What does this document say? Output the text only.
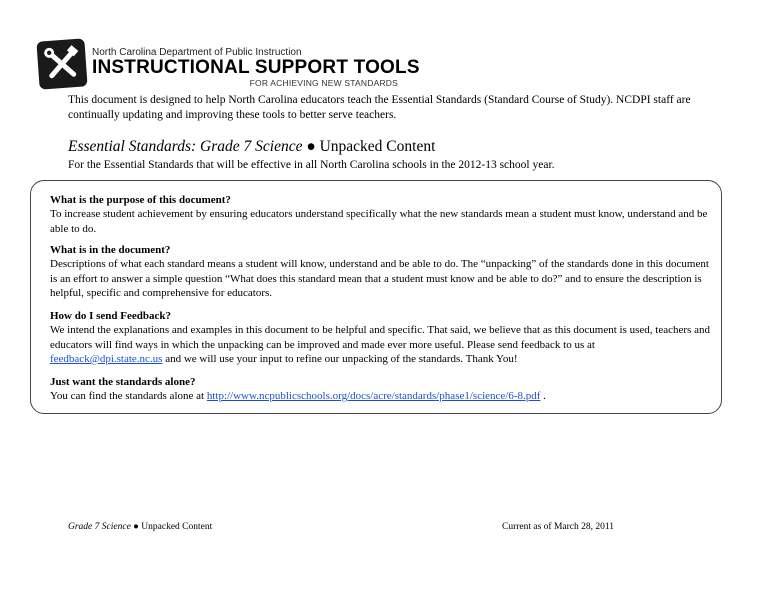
North Carolina Department of Public Instruction
INSTRUCTIONAL SUPPORT TOOLS
FOR ACHIEVING NEW STANDARDS
This document is designed to help North Carolina educators teach the Essential Standards (Standard Course of Study). NCDPI staff are continually updating and improving these tools to better serve teachers.
Essential Standards: Grade 7 Science ● Unpacked Content
For the Essential Standards that will be effective in all North Carolina schools in the 2012-13 school year.
What is the purpose of this document?

To increase student achievement by ensuring educators understand specifically what the new standards mean a student must know, understand and be able to do.

What is in the document?

Descriptions of what each standard means a student will know, understand and be able to do. The “unpacking” of the standards done in this document is an effort to answer a simple question “What does this standard mean that a student must know and be able to do?” and to ensure the description is helpful, specific and comprehensive for educators.

How do I send Feedback?

We intend the explanations and examples in this document to be helpful and specific. That said, we believe that as this document is used, teachers and educators will find ways in which the unpacking can be improved and made ever more useful. Please send feedback to us at feedback@dpi.state.nc.us and we will use your input to refine our unpacking of the standards. Thank You!

Just want the standards alone?

You can find the standards alone at http://www.ncpublicschools.org/docs/acre/standards/phase1/science/6-8.pdf .

Grade 7 Science ● Unpacked Content	Current as of March 28, 2011
